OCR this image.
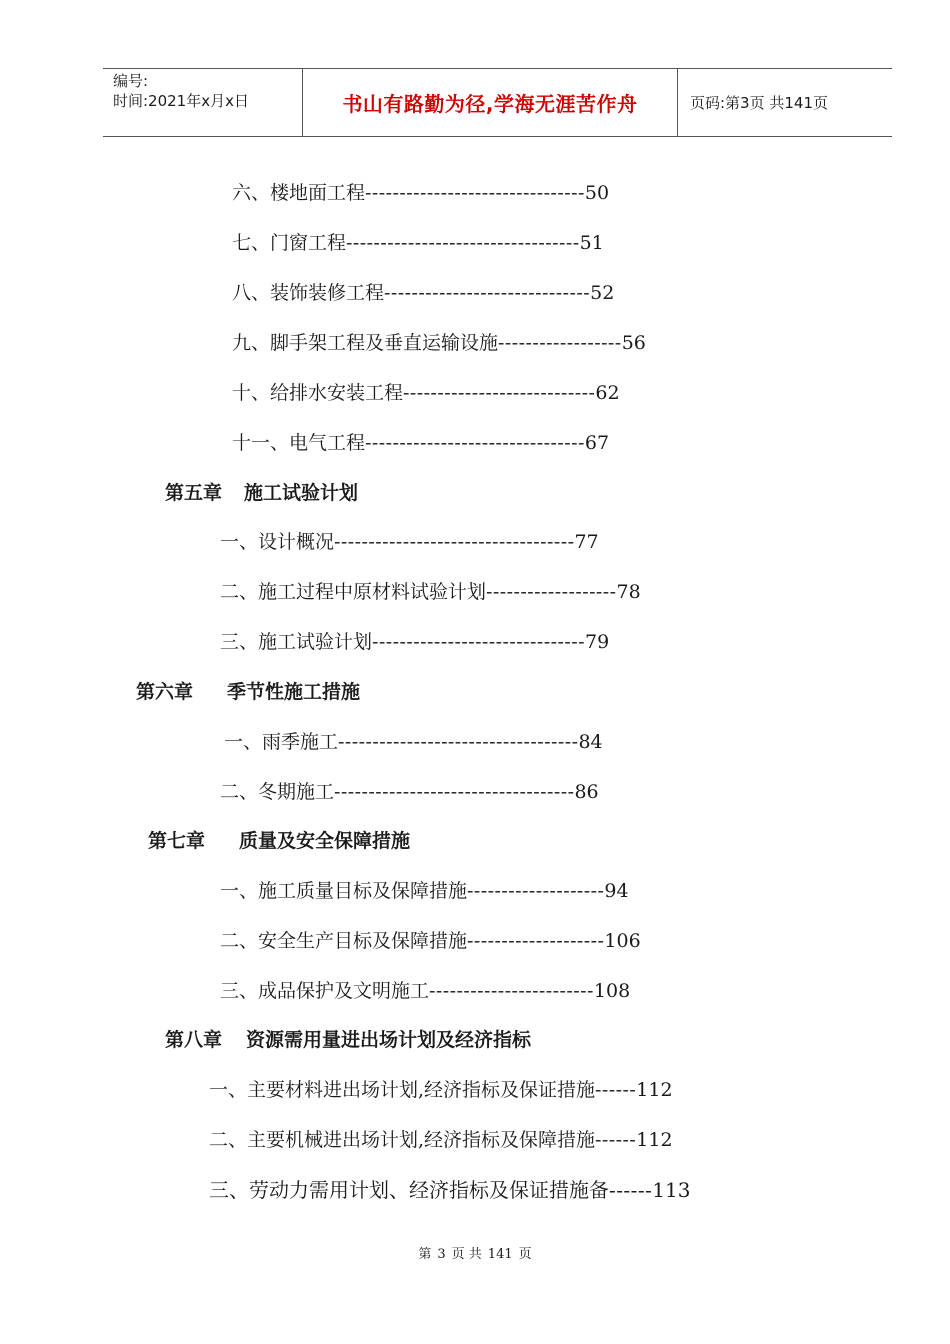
编号:
时间:2021年x月x日	书山有路勤为径,学海无涯苦作舟	页码:第3页 共141页
六、楼地面工程--------------------------------50
七、门窗工程----------------------------------51
八、装饰装修工程------------------------------52
九、脚手架工程及垂直运输设施------------------56
十、给排水安装工程----------------------------62
十一、电气工程--------------------------------67
第五章 施工试验计划
一、设计概况-----------------------------------77
二、施工过程中原材料试验计划-------------------78
三、施工试验计划-------------------------------79
第六章 季节性施工措施
一、雨季施工-----------------------------------84
二、冬期施工-----------------------------------86
第七章 质量及安全保障措施
一、施工质量目标及保障措施--------------------94
二、安全生产目标及保障措施--------------------106
三、成品保护及文明施工------------------------108
第八章 资源需用量进出场计划及经济指标
一、主要材料进出场计划,经济指标及保证措施------112
二、主要机械进出场计划,经济指标及保障措施------112
三、劳动力需用计划、经济指标及保证措施备------113
第 3 页 共 141 页
